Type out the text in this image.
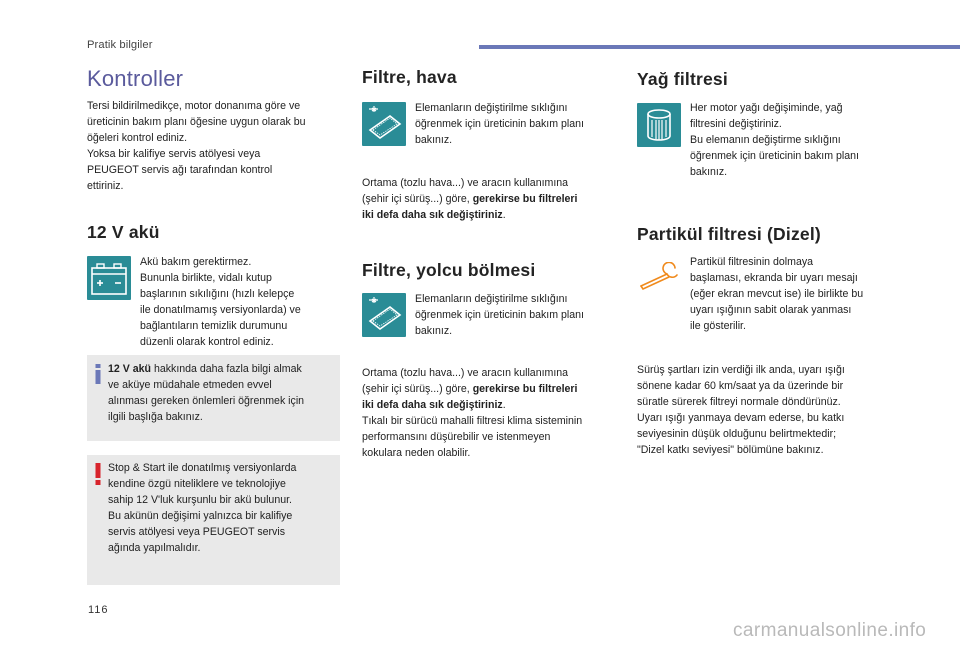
Pratik bilgiler
Kontroller
Tersi bildirilmedikçe, motor donanıma göre ve
üreticinin bakım planı öğesine uygun olarak bu
öğeleri kontrol ediniz.
Yoksa bir kalifiye servis atölyesi veya
PEUGEOT servis ağı tarafından kontrol
ettiriniz.
12 V akü
Akü bakım gerektirmez.
Bununla birlikte, vidalı kutup
başlarının sıkılığını (hızlı kelepçe
ile donatılmamış versiyonlarda) ve
bağlantıların temizlik durumunu
düzenli olarak kontrol ediniz.
12 V akü hakkında daha fazla bilgi almak
ve aküye müdahale etmeden evvel
alınması gereken önlemleri öğrenmek için
ilgili başlığa bakınız.
Stop & Start ile donatılmış versiyonlarda
kendine özgü niteliklere ve teknolojiye
sahip 12 V'luk kurşunlu bir akü bulunur.
Bu akünün değişimi yalnızca bir kalifiye
servis atölyesi veya PEUGEOT servis
ağında yapılmalıdır.
Filtre, hava
Elemanların değiştirilme sıklığını
öğrenmek için üreticinin bakım planı
bakınız.
Ortama (tozlu hava...) ve aracın kullanımına
(şehir içi sürüş...) göre, gerekirse bu filtreleri
iki defa daha sık değiştiriniz.
Filtre, yolcu bölmesi
Elemanların değiştirilme sıklığını
öğrenmek için üreticinin bakım planı
bakınız.
Ortama (tozlu hava...) ve aracın kullanımına
(şehir içi sürüş...) göre, gerekirse bu filtreleri
iki defa daha sık değiştiriniz.
Tıkalı bir sürücü mahalli filtresi klima sisteminin
performansını düşürebilir ve istenmeyen
kokulara neden olabilir.
Yağ filtresi
Her motor yağı değişiminde, yağ
filtresini değiştiriniz.
Bu elemanın değiştirme sıklığını
öğrenmek için üreticinin bakım planı
bakınız.
Partikül filtresi (Dizel)
Partikül filtresinin dolmaya
başlaması, ekranda bir uyarı mesajı
(eğer ekran mevcut ise) ile birlikte bu
uyarı ışığının sabit olarak yanması
ile gösterilir.
Sürüş şartları izin verdiği ilk anda, uyarı ışığı
sönene kadar 60 km/saat ya da üzerinde bir
süratle sürerek filtreyi normale döndürünüz.
Uyarı ışığı yanmaya devam ederse, bu katkı
seviyesinin düşük olduğunu belirtmektedir;
"Dizel katkı seviyesi" bölümüne bakınız.
116
carmanualsonline.info
